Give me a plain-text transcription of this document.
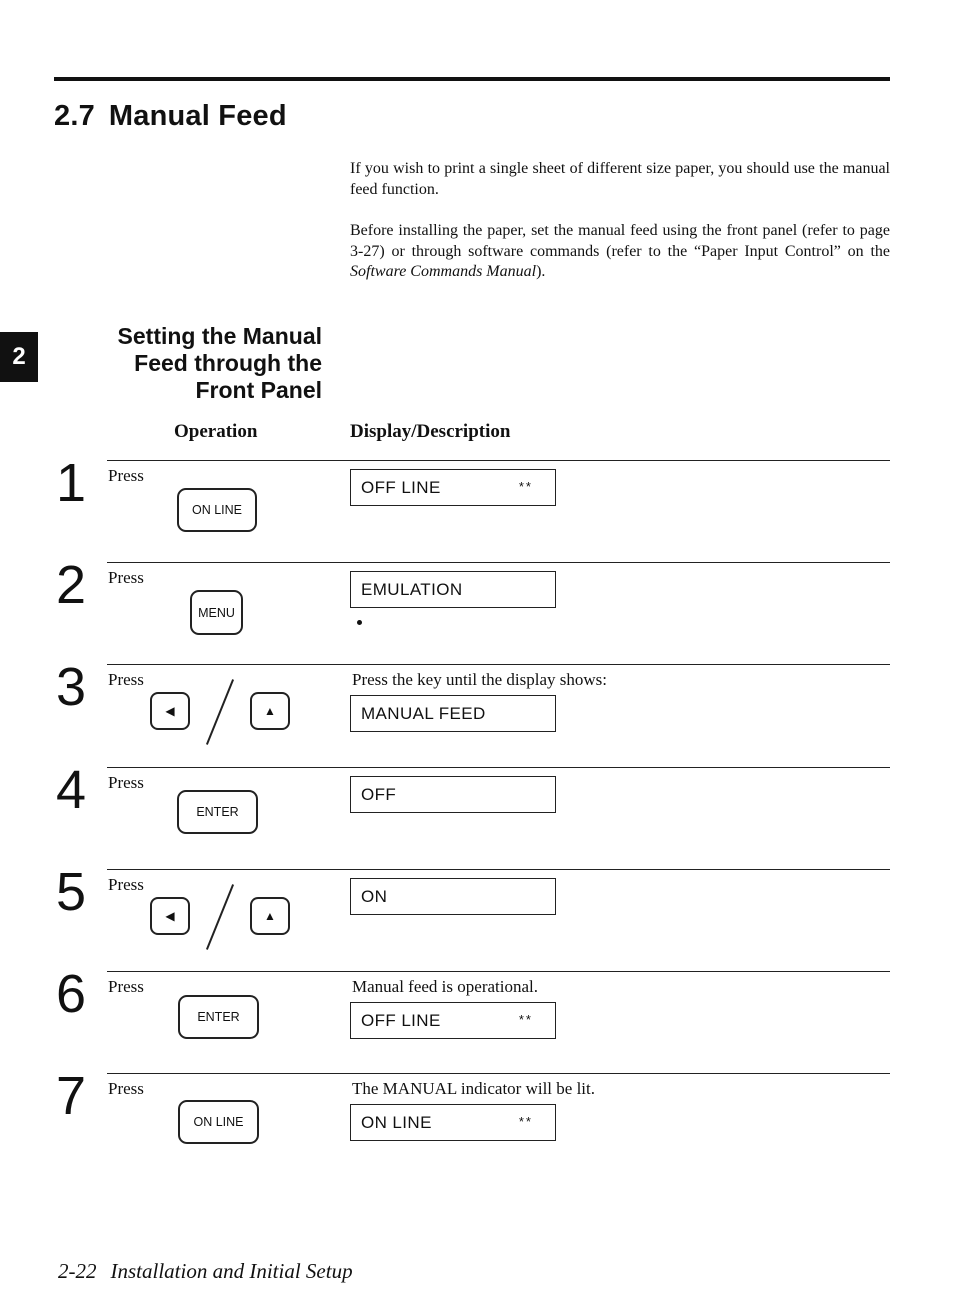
2.7 Manual Feed
If you wish to print a single sheet of different size paper, you should use the manual feed function.
Before installing the paper, set the manual feed using the front panel (refer to page 3-27) or through software commands (refer to the “Paper Input Control” on the Software Commands Manual).
2
Setting the Manual
Feed through the
Front Panel
Operation	Display/Description
1 Press
ON LINE
OFF LINE	**
2 Press
MENU
EMULATION
3 Press
◀	▲
Press the key until the display shows:
MANUAL FEED
4 Press
ENTER
OFF
5 Press
◀	▲
ON
6 Press
ENTER
Manual feed is operational.
OFF LINE	**
7 Press
ON LINE
The MANUAL indicator will be lit.
ON LINE	**
2-22 Installation and Initial Setup
